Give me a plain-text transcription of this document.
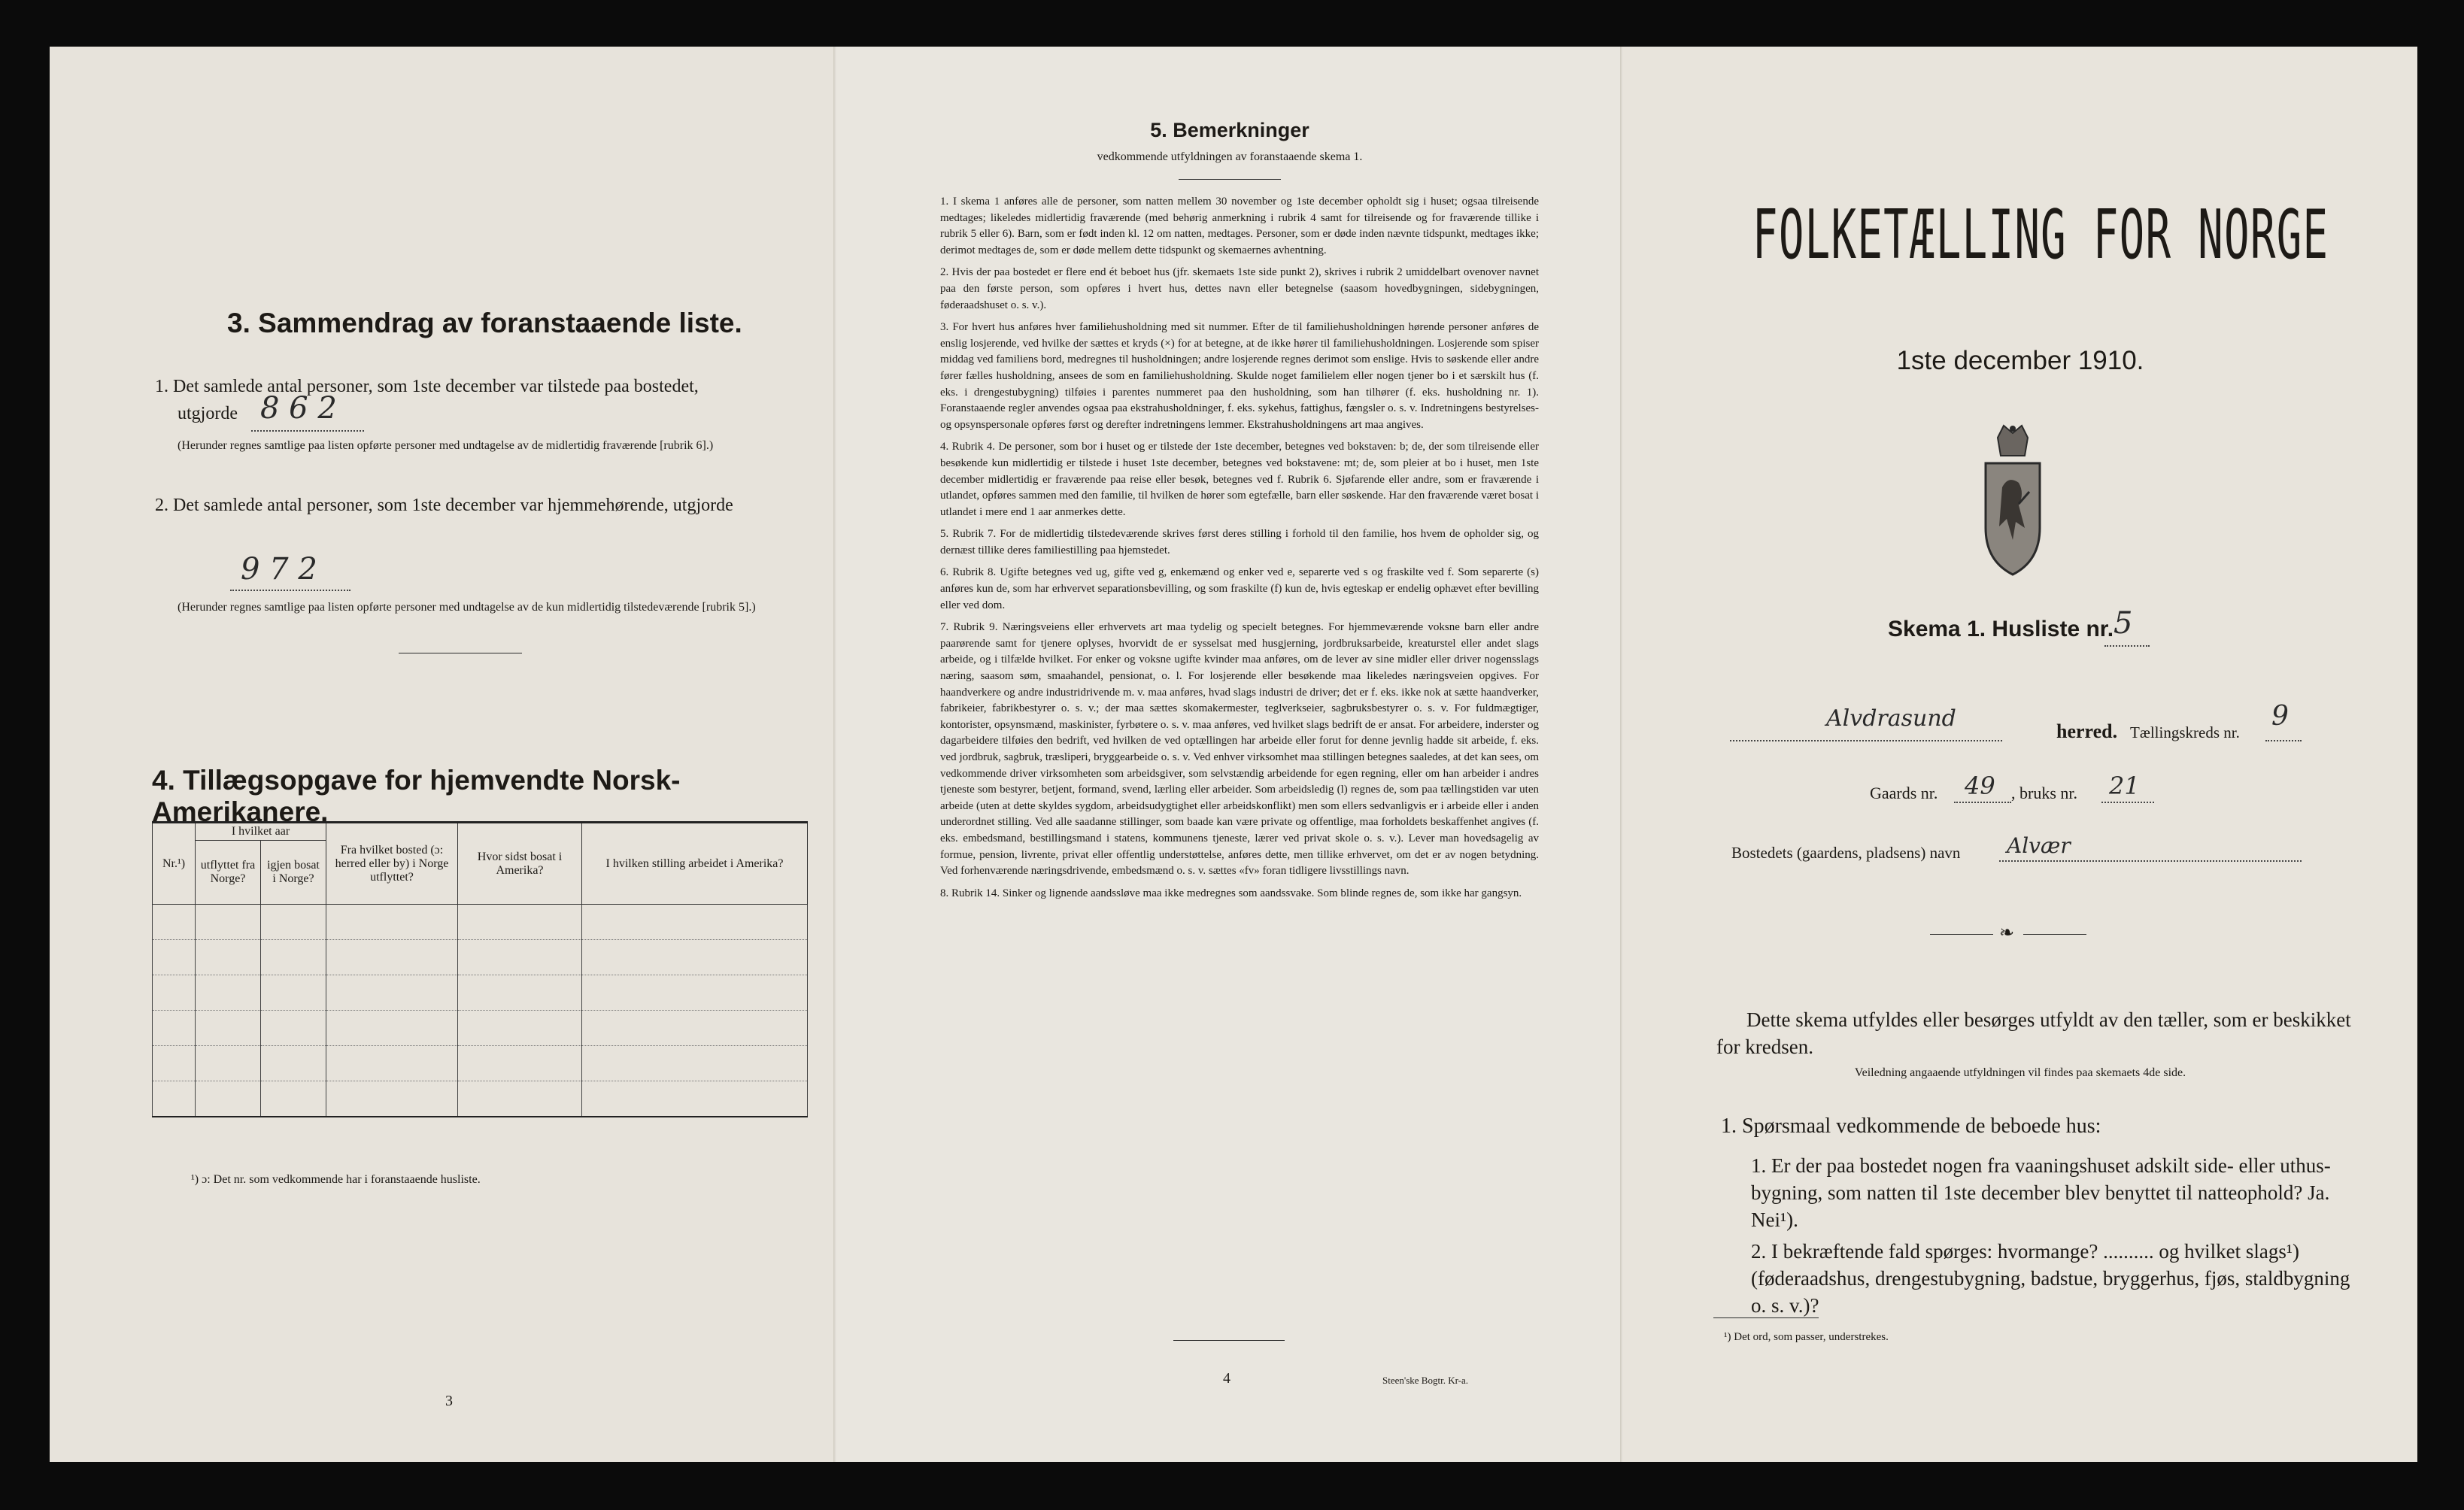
3. Sammendrag av foranstaaende liste.
1. Det samlede antal personer, som 1ste december var tilstede paa bostedet,
utgjorde 8 6 2
(Herunder regnes samtlige paa listen opførte personer med undtagelse av de midlertidig fraværende [rubrik 6].)
2. Det samlede antal personer, som 1ste december var hjemmehørende, utgjorde
9 7 2
(Herunder regnes samtlige paa listen opførte personer med undtagelse av de kun midlertidig tilstedeværende [rubrik 5].)
4. Tillægsopgave for hjemvendte Norsk-Amerikanere.
Nr.¹)	I hvilket aar		Fra hvilket bosted (ɔ: herred eller by) i Norge utflyttet?	Hvor sidst bosat i Amerika?	I hvilken stilling arbeidet i Amerika?
	utflyttet fra Norge?	igjen bosat i Norge?			

¹) ɔ: Det nr. som vedkommende har i foranstaaende husliste.
3
5. Bemerkninger
vedkommende utfyldningen av foranstaaende skema 1.

1. I skema 1 anføres alle de personer, som natten mellem 30 november og 1ste december opholdt sig i huset; ogsaa tilreisende medtages; likeledes midlertidig fraværende (med behørig anmerkning i rubrik 4 samt for tilreisende og for fraværende tillike i rubrik 5 eller 6). Barn, som er født inden kl. 12 om natten, medtages. Personer, som er døde inden nævnte tidspunkt, medtages ikke; derimot medtages de, som er døde mellem dette tidspunkt og skemaernes avhentning.

2. Hvis der paa bostedet er flere end ét beboet hus (jfr. skemaets 1ste side punkt 2), skrives i rubrik 2 umiddelbart ovenover navnet paa den første person, som opføres i hvert hus, dettes navn eller betegnelse (saasom hovedbygningen, sidebygningen, føderaadshuset o. s. v.).

3. For hvert hus anføres hver familiehusholdning med sit nummer. Efter de til familiehusholdningen hørende personer anføres de enslig losjerende, ved hvilke der sættes et kryds (×) for at betegne, at de ikke hører til familiehusholdningen. Losjerende som spiser middag ved familiens bord, medregnes til husholdningen; andre losjerende regnes derimot som enslige. Hvis to søskende eller andre fører fælles husholdning, ansees de som en familiehusholdning. Skulde noget familielem eller nogen tjener bo i et særskilt hus (f. eks. i drengestubygning) tilføies i parentes nummeret paa den husholdning, som han tilhører (f. eks. husholdning nr. 1). Foranstaaende regler anvendes ogsaa paa ekstrahusholdninger, f. eks. sykehus, fattighus, fængsler o. s. v. Indretningens bestyrelses- og opsynspersonale opføres først og derefter indretningens lemmer. Ekstrahusholdningens art maa angives.

4. Rubrik 4. De personer, som bor i huset og er tilstede der 1ste december, betegnes ved bokstaven: b; de, der som tilreisende eller besøkende kun midlertidig er tilstede i huset 1ste december, betegnes ved bokstavene: mt; de, som pleier at bo i huset, men 1ste december midlertidig er fraværende paa reise eller besøk, betegnes ved f. Rubrik 6. Sjøfarende eller andre, som er fraværende i utlandet, opføres sammen med den familie, til hvilken de hører som egtefælle, barn eller søskende. Har den fraværende været bosat i utlandet i mere end 1 aar anmerkes dette.

5. Rubrik 7. For de midlertidig tilstedeværende skrives først deres stilling i forhold til den familie, hos hvem de opholder sig, og dernæst tillike deres familiestilling paa hjemstedet.

6. Rubrik 8. Ugifte betegnes ved ug, gifte ved g, enkemænd og enker ved e, separerte ved s og fraskilte ved f. Som separerte (s) anføres kun de, som har erhvervet separationsbevilling, og som fraskilte (f) kun de, hvis egteskap er endelig ophævet efter bevilling eller ved dom.

7. Rubrik 9. Næringsveiens eller erhvervets art maa tydelig og specielt betegnes. For hjemmeværende voksne barn eller andre paarørende samt for tjenere oplyses, hvorvidt de er sysselsat med husgjerning, jordbruksarbeide, kreaturstel eller andet slags arbeide, og i tilfælde hvilket. For enker og voksne ugifte kvinder maa anføres, om de lever av sine midler eller driver nogensslags næring, saasom søm, smaahandel, pensionat, o. l. For losjerende eller besøkende maa likeledes næringsveien opgives. For haandverkere og andre industridrivende m. v. maa anføres, hvad slags industri de driver; det er f. eks. ikke nok at sætte haandverker, fabrikeier, fabrikbestyrer o. s. v.; der maa sættes skomakermester, teglverkseier, sagbruksbestyrer o. s. v. For fuldmægtiger, kontorister, opsynsmænd, maskinister, fyrbøtere o. s. v. maa anføres, ved hvilket slags bedrift de er ansat. For arbeidere, inderster og dagarbeidere tilføies den bedrift, ved hvilken de ved optællingen har arbeide eller forut for denne jevnlig hadde sit arbeide, f. eks. ved jordbruk, sagbruk, træsliperi, bryggearbeide o. s. v. Ved enhver virksomhet maa stillingen betegnes saaledes, at det kan sees, om vedkommende driver virksomheten som arbeidsgiver, som selvstændig arbeidende for egen regning, eller om han arbeider i andres tjeneste som bestyrer, betjent, formand, svend, lærling eller arbeider. Som arbeidsledig (l) regnes de, som paa tællingstiden var uten arbeide (uten at dette skyldes sygdom, arbeidsudygtighet eller arbeidskonflikt) men som ellers sedvanligvis er i arbeide eller i anden underordnet stilling. Ved alle saadanne stillinger, som baade kan være private og offentlige, maa forholdets beskaffenhet angives (f. eks. embedsmand, bestillingsmand i statens, kommunens tjeneste, lærer ved privat skole o. s. v.). Lever man hovedsagelig av formue, pension, livrente, privat eller offentlig understøttelse, anføres dette, men tillike erhvervet, om det er av nogen betydning. Ved forhenværende næringsdrivende, embedsmænd o. s. v. sættes «fv» foran tidligere livsstillings navn.

8. Rubrik 14. Sinker og lignende aandssløve maa ikke medregnes som aandssvake. Som blinde regnes de, som ikke har gangsyn.

4	Steen'ske Bogtr. Kr-a.
FOLKETÆLLING FOR NORGE
1ste december 1910.
Skema 1. Husliste nr. 5
Alvdrasund	herred. Tællingskreds nr.
9
Gaards nr. 49 , bruks nr. 21
Bostedets (gaardens, pladsens) navn Alvær
❧
Dette skema utfyldes eller besørges utfyldt av den tæller, som er beskikket for kredsen.
Veiledning angaaende utfyldningen vil findes paa skemaets 4de side.
1. Spørsmaal vedkommende de beboede hus:

1. Er der paa bostedet nogen fra vaaningshuset adskilt side- eller uthus-bygning, som natten til 1ste december blev benyttet til natteophold? Ja. Nei¹).

2. I bekræftende fald spørges: hvormange? .......... og hvilket slags¹) (føderaadshus, drengestubygning, badstue, bryggerhus, fjøs, staldbygning o. s. v.)?

¹) Det ord, som passer, understrekes.
